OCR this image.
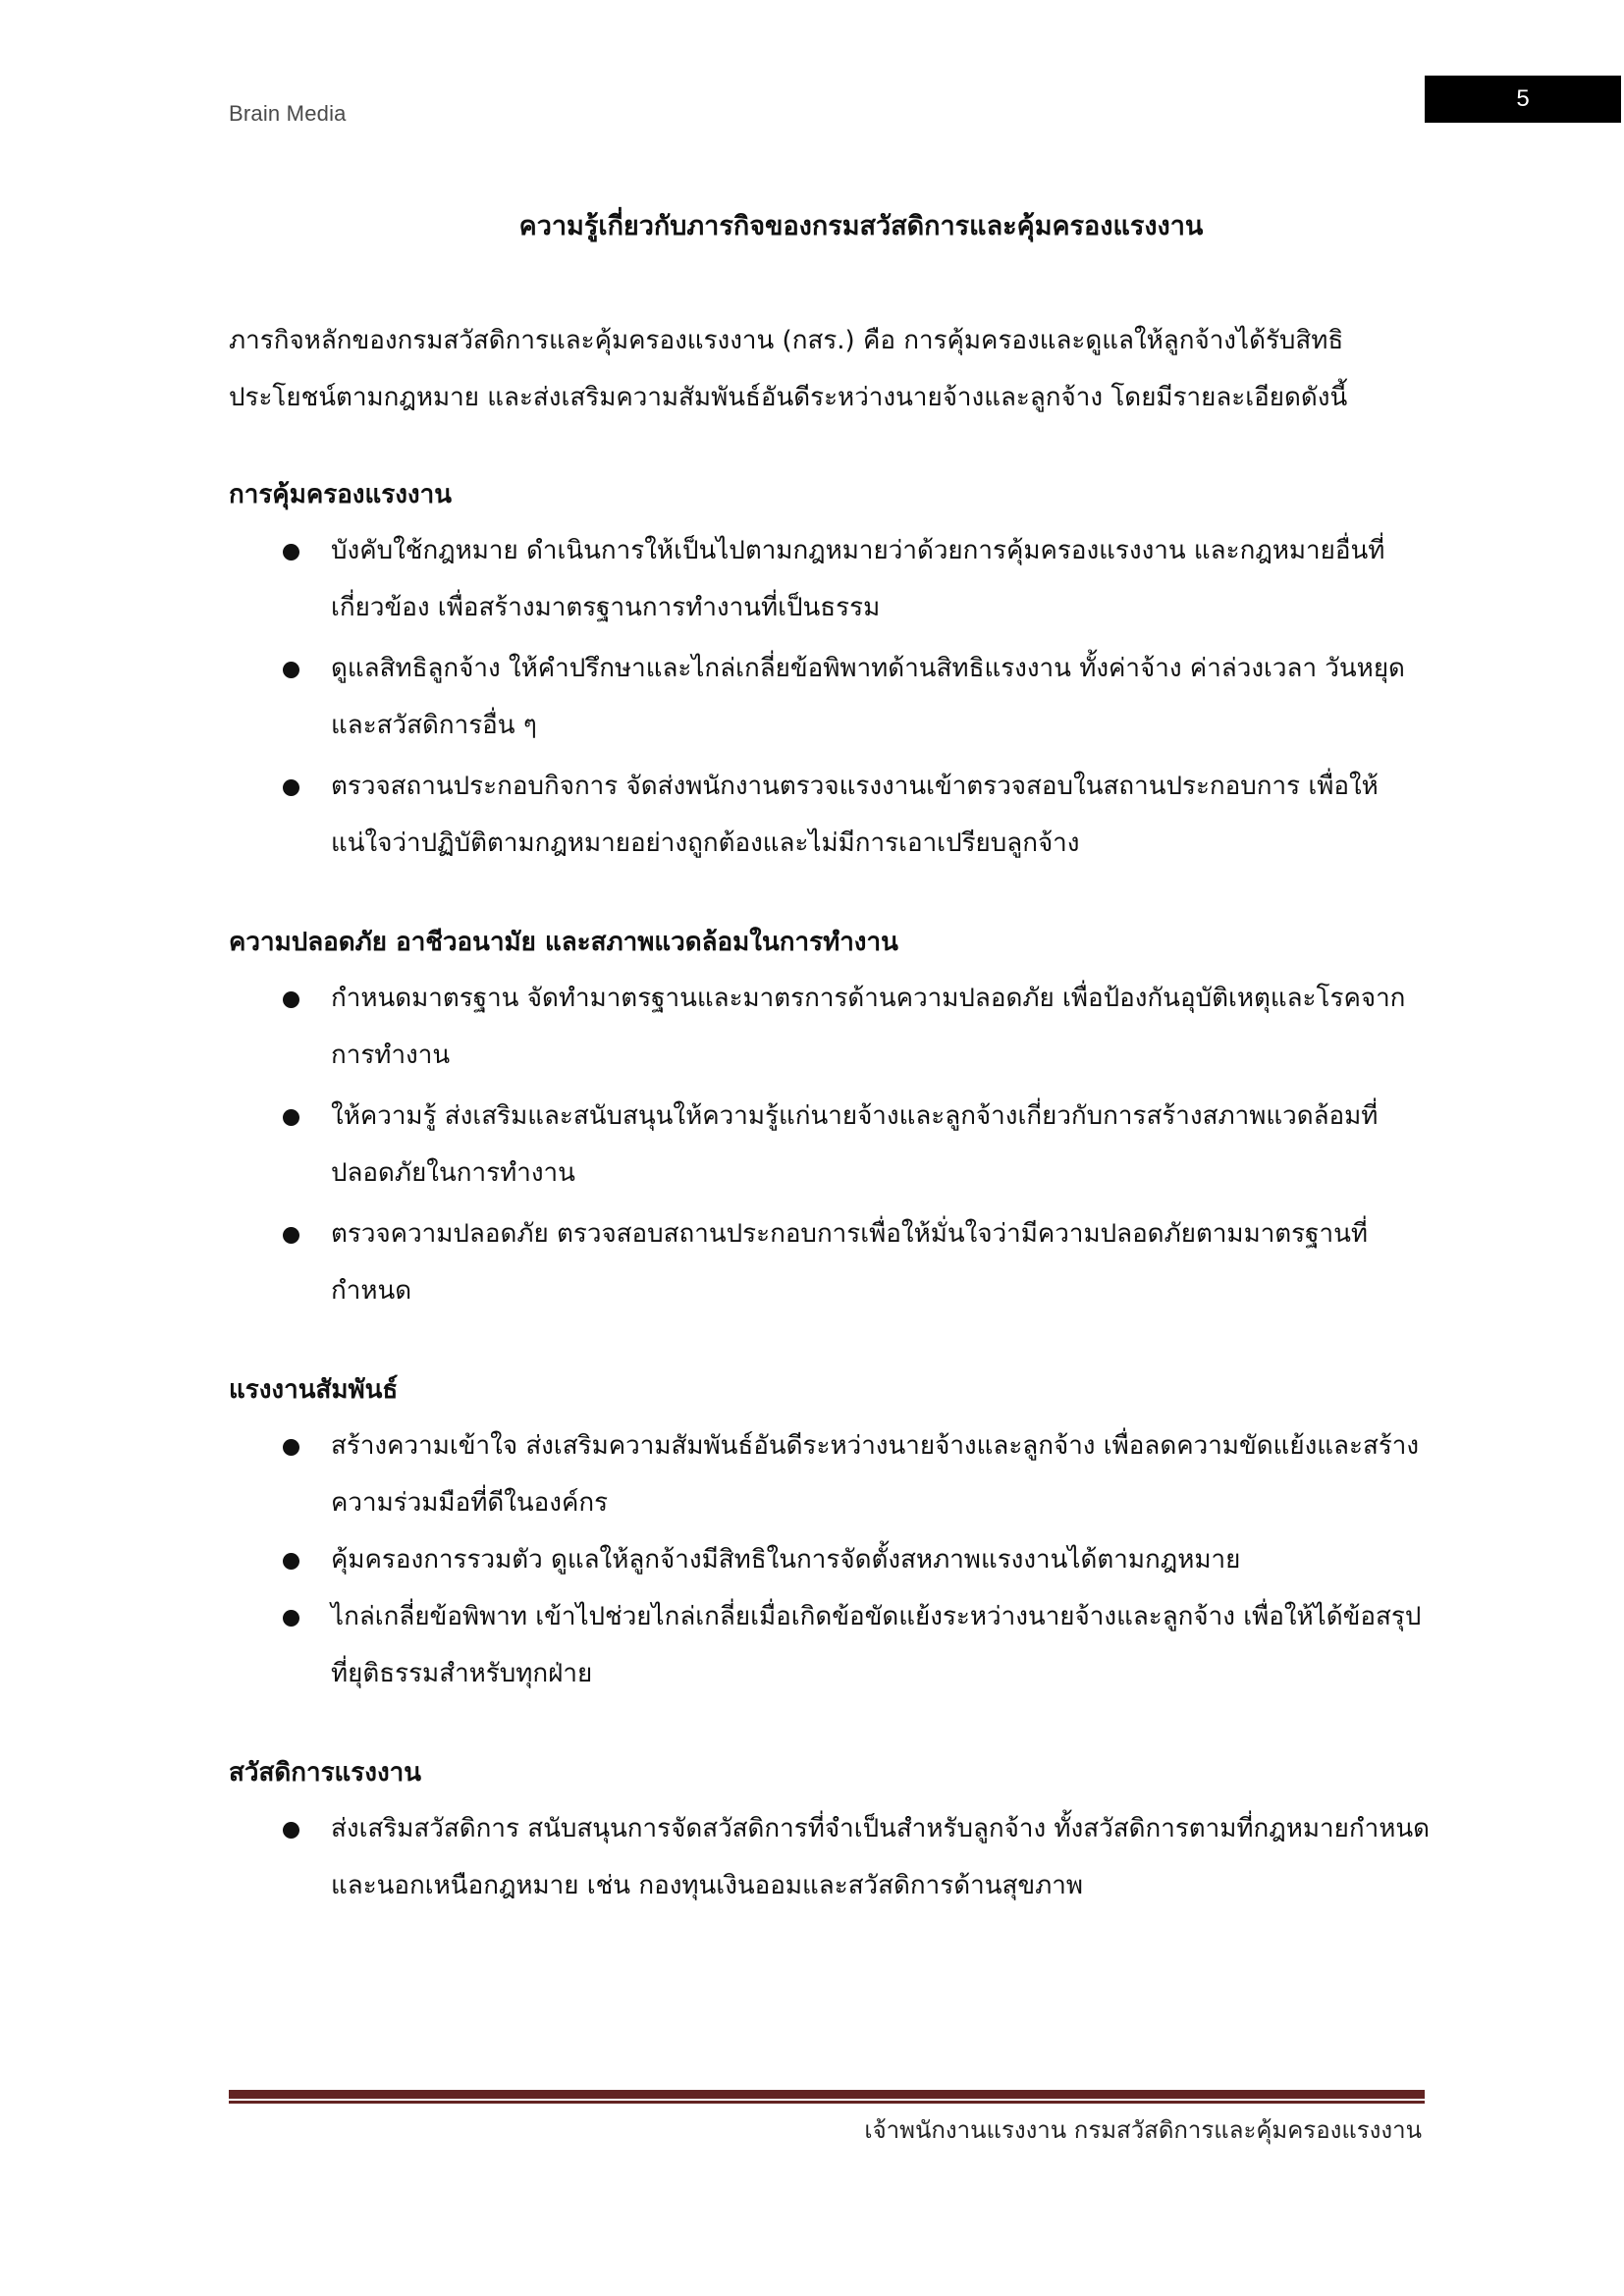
Brain Media
5
ความรู้เกี่ยวกับภารกิจของกรมสวัสดิการและคุ้มครองแรงงาน

ภารกิจหลักของกรมสวัสดิการและคุ้มครองแรงงาน (กสร.) คือ การคุ้มครองและดูแลให้ลูกจ้างได้รับสิทธิประโยชน์ตามกฎหมาย และส่งเสริมความสัมพันธ์อันดีระหว่างนายจ้างและลูกจ้าง โดยมีรายละเอียดดังนี้

การคุ้มครองแรงงาน
บังคับใช้กฎหมาย ดำเนินการให้เป็นไปตามกฎหมายว่าด้วยการคุ้มครองแรงงาน และกฎหมายอื่นที่เกี่ยวข้อง เพื่อสร้างมาตรฐานการทำงานที่เป็นธรรม
ดูแลสิทธิลูกจ้าง ให้คำปรึกษาและไกล่เกลี่ยข้อพิพาทด้านสิทธิแรงงาน ทั้งค่าจ้าง ค่าล่วงเวลา วันหยุด และสวัสดิการอื่น ๆ
ตรวจสถานประกอบกิจการ จัดส่งพนักงานตรวจแรงงานเข้าตรวจสอบในสถานประกอบการ เพื่อให้แน่ใจว่าปฏิบัติตามกฎหมายอย่างถูกต้องและไม่มีการเอาเปรียบลูกจ้าง
ความปลอดภัย อาชีวอนามัย และสภาพแวดล้อมในการทำงาน
กำหนดมาตรฐาน จัดทำมาตรฐานและมาตรการด้านความปลอดภัย เพื่อป้องกันอุบัติเหตุและโรคจากการทำงาน
ให้ความรู้ ส่งเสริมและสนับสนุนให้ความรู้แก่นายจ้างและลูกจ้างเกี่ยวกับการสร้างสภาพแวดล้อมที่ปลอดภัยในการทำงาน
ตรวจความปลอดภัย ตรวจสอบสถานประกอบการเพื่อให้มั่นใจว่ามีความปลอดภัยตามมาตรฐานที่กำหนด
แรงงานสัมพันธ์
สร้างความเข้าใจ ส่งเสริมความสัมพันธ์อันดีระหว่างนายจ้างและลูกจ้าง เพื่อลดความขัดแย้งและสร้างความร่วมมือที่ดีในองค์กร
คุ้มครองการรวมตัว ดูแลให้ลูกจ้างมีสิทธิในการจัดตั้งสหภาพแรงงานได้ตามกฎหมาย
ไกล่เกลี่ยข้อพิพาท เข้าไปช่วยไกล่เกลี่ยเมื่อเกิดข้อขัดแย้งระหว่างนายจ้างและลูกจ้าง เพื่อให้ได้ข้อสรุปที่ยุติธรรมสำหรับทุกฝ่าย
สวัสดิการแรงงาน
ส่งเสริมสวัสดิการ สนับสนุนการจัดสวัสดิการที่จำเป็นสำหรับลูกจ้าง ทั้งสวัสดิการตามที่กฎหมายกำหนดและนอกเหนือกฎหมาย เช่น กองทุนเงินออมและสวัสดิการด้านสุขภาพ
เจ้าพนักงานแรงงาน กรมสวัสดิการและคุ้มครองแรงงาน
